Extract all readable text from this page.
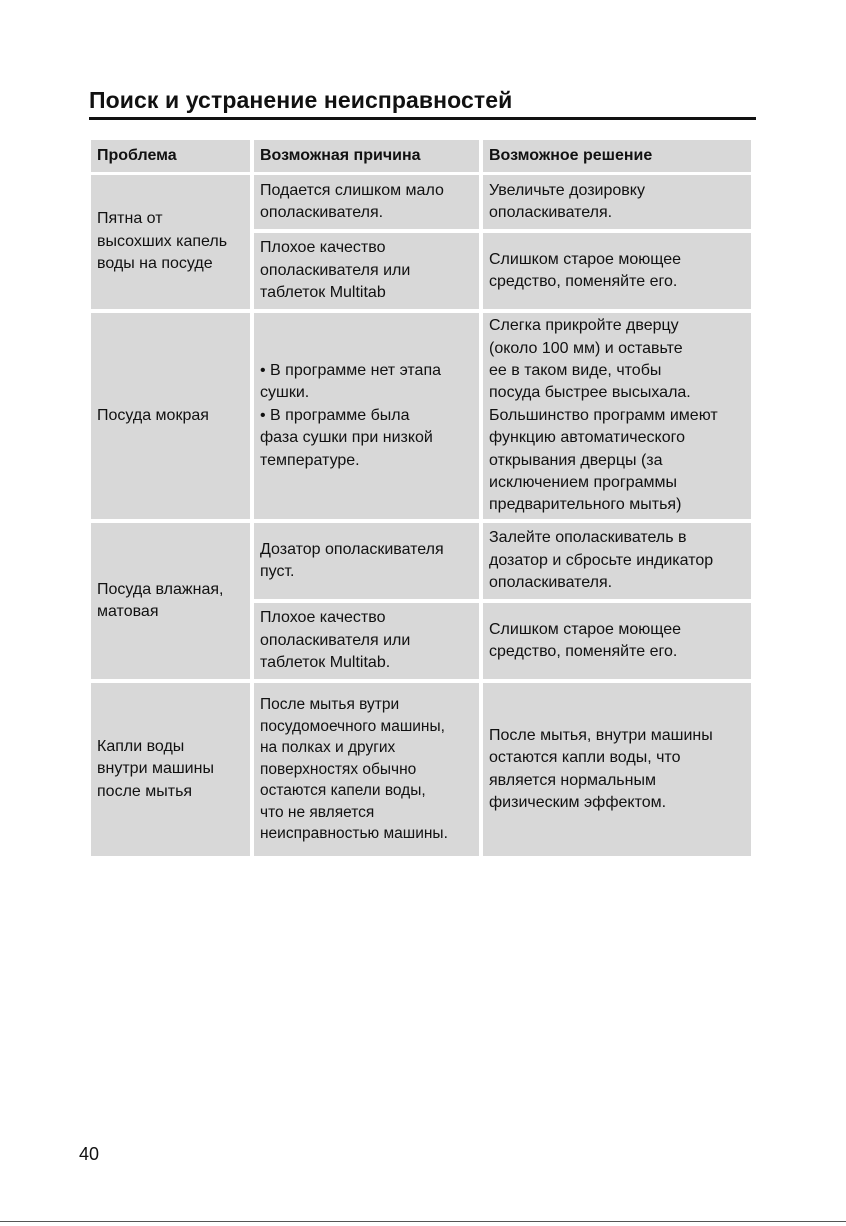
Поиск и устранение неисправностей
Проблема	Возможная причина	Возможное решение
Пятна от
высохших капель
воды на посуде
Подается слишком мало
ополаскивателя.
Увеличьте дозировку
ополаскивателя.
Плохое качество
ополаскивателя или
таблеток Multitab
Слишком старое моющее
средство, поменяйте его.
Посуда мокрая
• В программе нет этапа
сушки.
• В программе была
фаза сушки при низкой
температуре.
Слегка прикройте дверцу
(около 100 мм) и оставьте
ее в таком виде, чтобы
посуда быстрее высыхала.
Большинство программ имеют
функцию автоматического
открывания дверцы (за
исключением программы
предварительного мытья)
Посуда влажная,
матовая
Дозатор ополаскивателя
пуст.
Залейте ополаскиватель в
дозатор и сбросьте индикатор
ополаскивателя.
Плохое качество
ополаскивателя или
таблеток Multitab.
Слишком старое моющее
средство, поменяйте его.
Капли воды
внутри машины
после мытья
После мытья вутри
посудомоечного машины,
на полках и других
поверхностях обычно
остаются капели воды,
что не является
неисправностью машины.
После мытья, внутри машины
остаются капли воды, что
является нормальным
физическим эффектом.
40
